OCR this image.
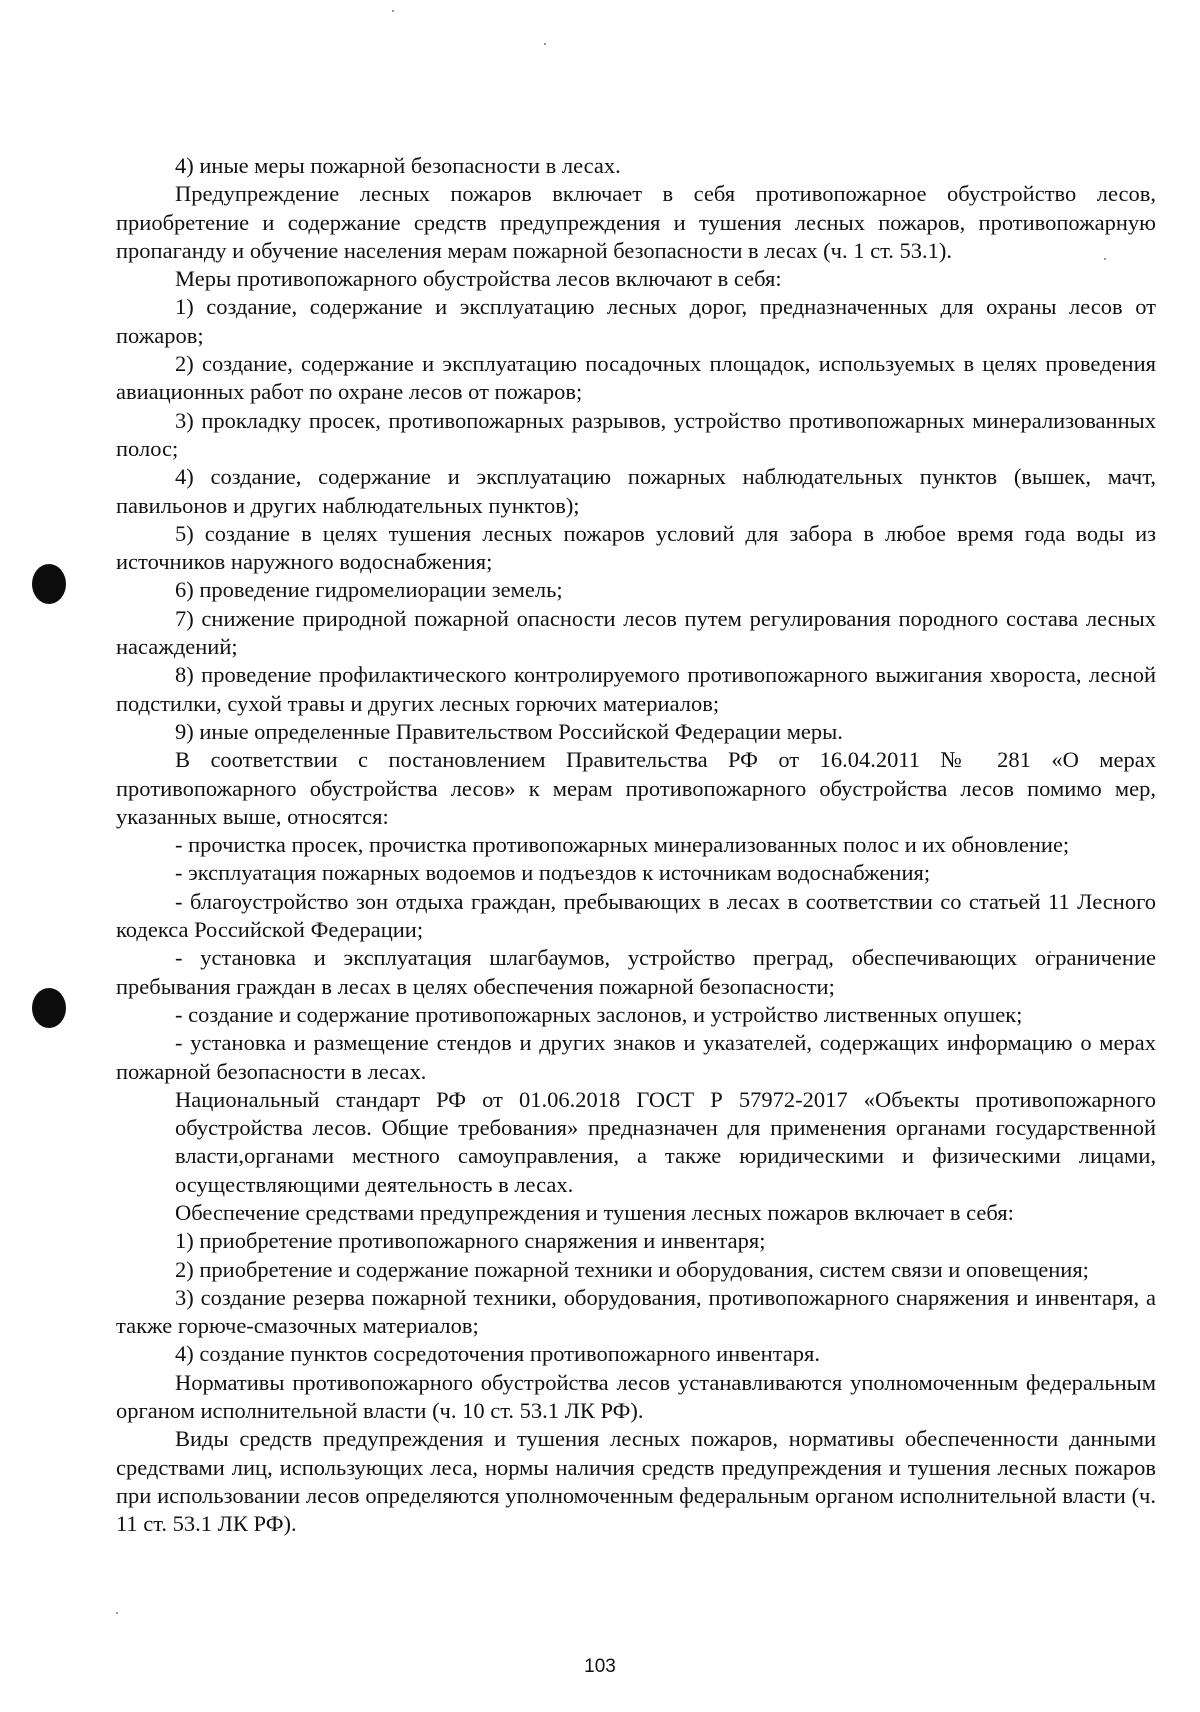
4) иные меры пожарной безопасности в лесах.

Предупреждение лесных пожаров включает в себя противопожарное обустройство лесов, приобретение и содержание средств предупреждения и тушения лесных пожаров, противопожарную пропаганду и обучение населения мерам пожарной безопасности в лесах (ч. 1 ст. 53.1).

Меры противопожарного обустройства лесов включают в себя:

1) создание, содержание и эксплуатацию лесных дорог, предназначенных для охраны лесов от пожаров;

2) создание, содержание и эксплуатацию посадочных площадок, используемых в целях проведения авиационных работ по охране лесов от пожаров;

3) прокладку просек, противопожарных разрывов, устройство противопожарных минерализованных полос;

4) создание, содержание и эксплуатацию пожарных наблюдательных пунктов (вышек, мачт, павильонов и других наблюдательных пунктов);

5) создание в целях тушения лесных пожаров условий для забора в любое время года воды из источников наружного водоснабжения;

6) проведение гидромелиорации земель;

7) снижение природной пожарной опасности лесов путем регулирования породного состава лесных насаждений;

8) проведение профилактического контролируемого противопожарного выжигания хвороста, лесной подстилки, сухой травы и других лесных горючих материалов;

9) иные определенные Правительством Российской Федерации меры.

В соответствии с постановлением Правительства РФ от 16.04.2011 № 281 «О мерах противопожарного обустройства лесов» к мерам противопожарного обустройства лесов помимо мер, указанных выше, относятся:

- прочистка просек, прочистка противопожарных минерализованных полос и их обновление;

- эксплуатация пожарных водоемов и подъездов к источникам водоснабжения;

- благоустройство зон отдыха граждан, пребывающих в лесах в соответствии со статьей 11 Лесного кодекса Российской Федерации;

- установка и эксплуатация шлагбаумов, устройство преград, обеспечивающих ограничение пребывания граждан в лесах в целях обеспечения пожарной безопасности;

- создание и содержание противопожарных заслонов, и устройство лиственных опушек;

- установка и размещение стендов и других знаков и указателей, содержащих информацию о мерах пожарной безопасности в лесах.

Национальный стандарт РФ от 01.06.2018 ГОСТ Р 57972-2017 «Объекты противопожарного обустройства лесов. Общие требования» предназначен для применения органами государственной власти,органами местного самоуправления, а также юридическими и физическими лицами, осуществляющими деятельность в лесах.

Обеспечение средствами предупреждения и тушения лесных пожаров включает в себя:

1) приобретение противопожарного снаряжения и инвентаря;

2) приобретение и содержание пожарной техники и оборудования, систем связи и оповещения;

3) создание резерва пожарной техники, оборудования, противопожарного снаряжения и инвентаря, а также горюче-смазочных материалов;

4) создание пунктов сосредоточения противопожарного инвентаря.

Нормативы противопожарного обустройства лесов устанавливаются уполномоченным федеральным органом исполнительной власти (ч. 10 ст. 53.1 ЛК РФ).

Виды средств предупреждения и тушения лесных пожаров, нормативы обеспеченности данными средствами лиц, использующих леса, нормы наличия средств предупреждения и тушения лесных пожаров при использовании лесов определяются уполномоченным федеральным органом исполнительной власти (ч. 11 ст. 53.1 ЛК РФ).

103
